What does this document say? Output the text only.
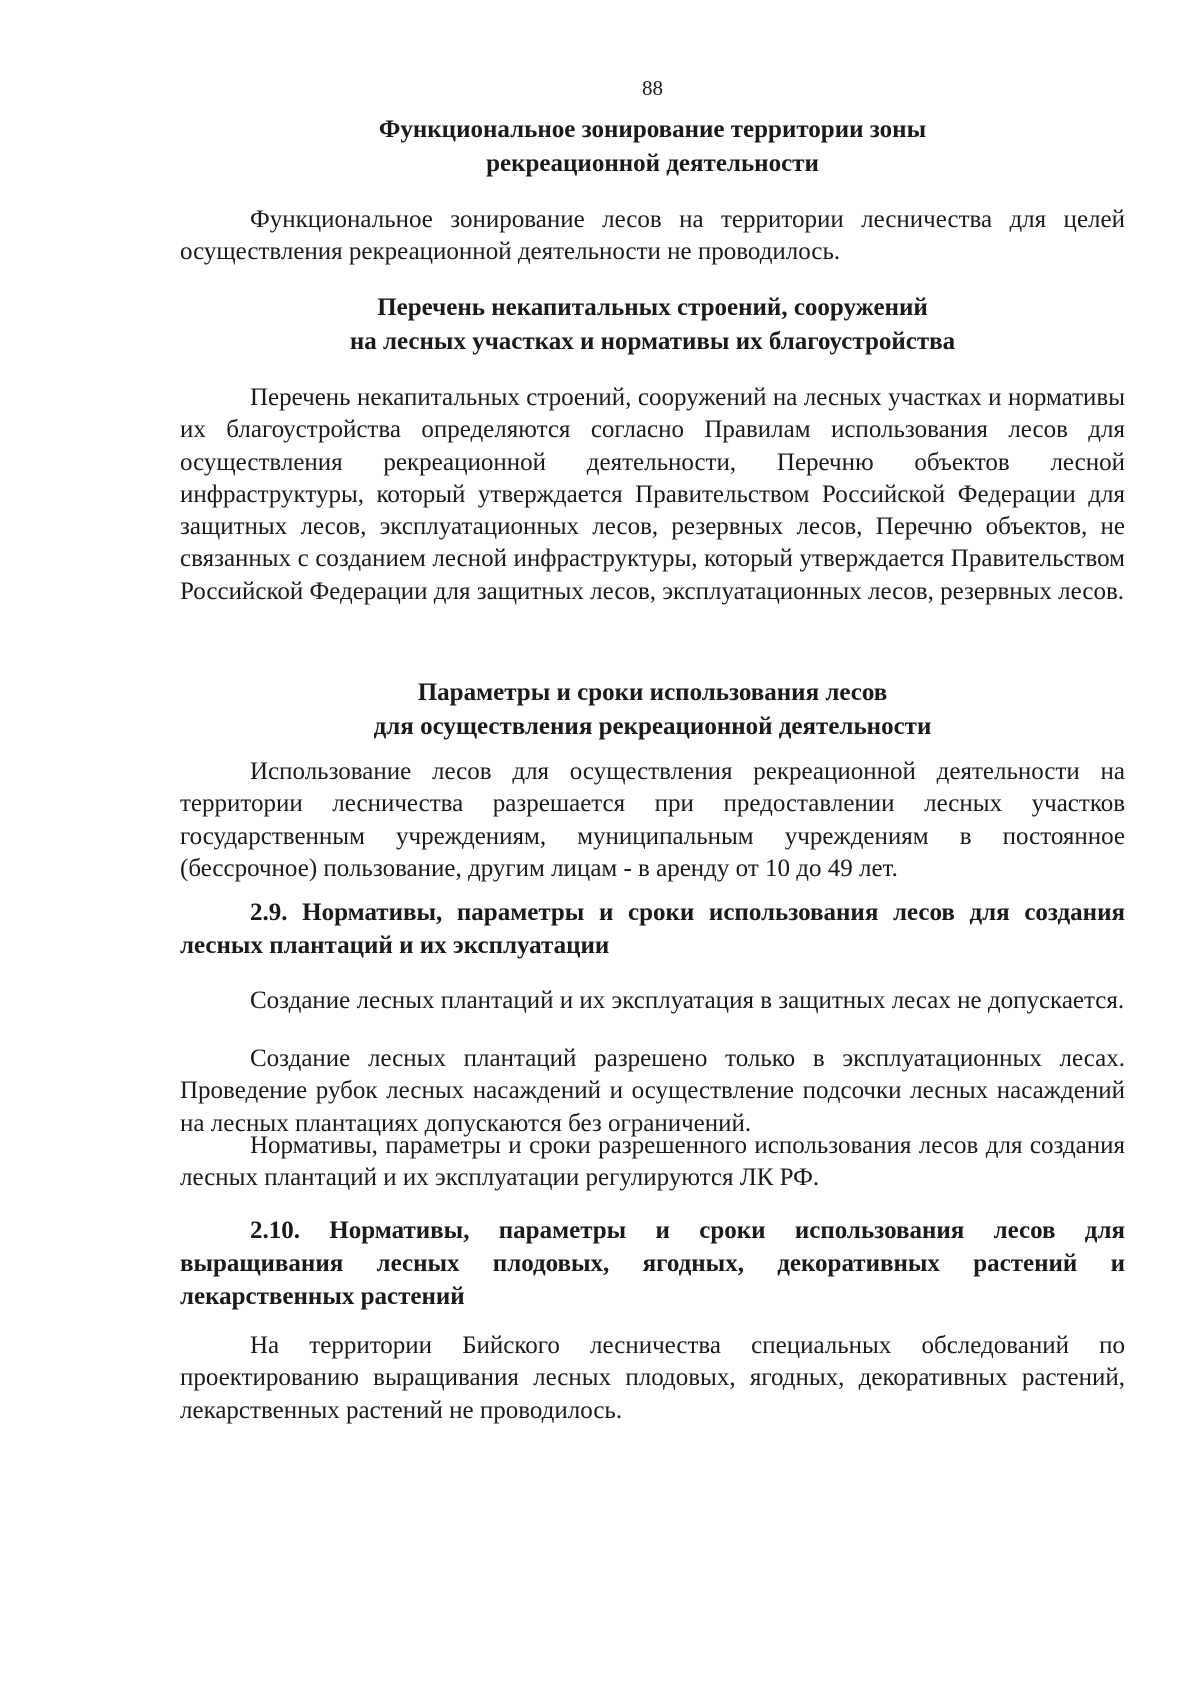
88
Функциональное зонирование территории зоны
рекреационной деятельности
Функциональное зонирование лесов на территории лесничества для целей осуществления рекреационной деятельности не проводилось.
Перечень некапитальных строений, сооружений
на лесных участках и нормативы их благоустройства
Перечень некапитальных строений, сооружений на лесных участках и нормативы их благоустройства определяются согласно Правилам использования лесов для осуществления рекреационной деятельности, Перечню объектов лесной инфраструктуры, который утверждается Правительством Российской Федерации для защитных лесов, эксплуатационных лесов, резервных лесов, Перечню объектов, не связанных с созданием лесной инфраструктуры, который утверждается Правительством Российской Федерации для защитных лесов, эксплуатационных лесов, резервных лесов.
Параметры и сроки использования лесов
для осуществления рекреационной деятельности
Использование лесов для осуществления рекреационной деятельности на территории лесничества разрешается при предоставлении лесных участков государственным учреждениям, муниципальным учреждениям в постоянное (бессрочное) пользование, другим лицам - в аренду от 10 до 49 лет.
2.9. Нормативы, параметры и сроки использования лесов для создания лесных плантаций и их эксплуатации
Создание лесных плантаций и их эксплуатация в защитных лесах не допускается.
Создание лесных плантаций разрешено только в эксплуатационных лесах. Проведение рубок лесных насаждений и осуществление подсочки лесных насаждений на лесных плантациях допускаются без ограничений.
Нормативы, параметры и сроки разрешенного использования лесов для создания лесных плантаций и их эксплуатации регулируются ЛК РФ.
2.10. Нормативы, параметры и сроки использования лесов для выращивания лесных плодовых, ягодных, декоративных растений и лекарственных растений
На территории Бийского лесничества специальных обследований по проектированию выращивания лесных плодовых, ягодных, декоративных растений, лекарственных растений не проводилось.
